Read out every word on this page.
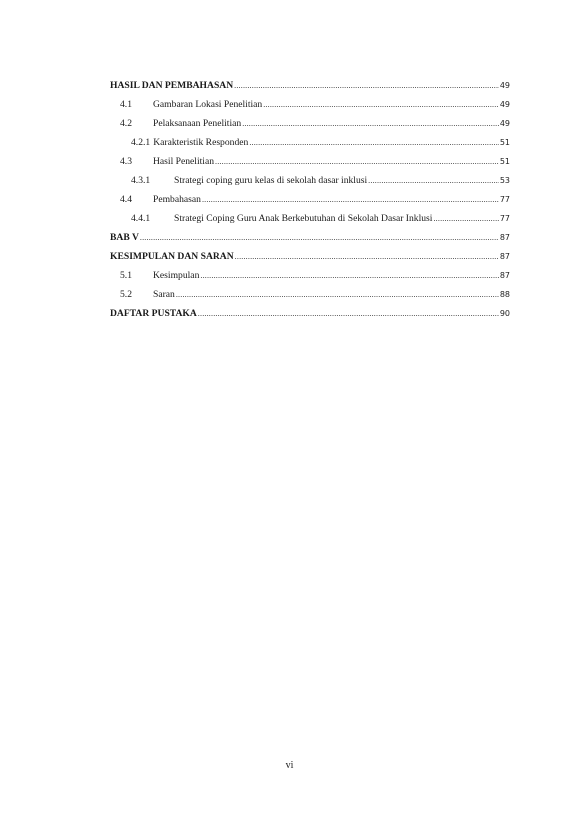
HASIL DAN PEMBAHASAN .....	49
4.1	Gambaran Lokasi Penelitian .....	49
4.2	Pelaksanaan Penelitian .....	49
4.2.1 Karakteristik Responden .....	51
4.3	Hasil Penelitian .....	51
4.3.1	Strategi coping guru kelas di sekolah dasar inklusi .....	53
4.4	Pembahasan .....	77
4.4.1	Strategi Coping Guru Anak Berkebutuhan di Sekolah Dasar Inklusi .....	77
BAB V .....	87
KESIMPULAN DAN SARAN .....	87
5.1	Kesimpulan .....	87
5.2	Saran .....	88
DAFTAR PUSTAKA .....	90
vi
